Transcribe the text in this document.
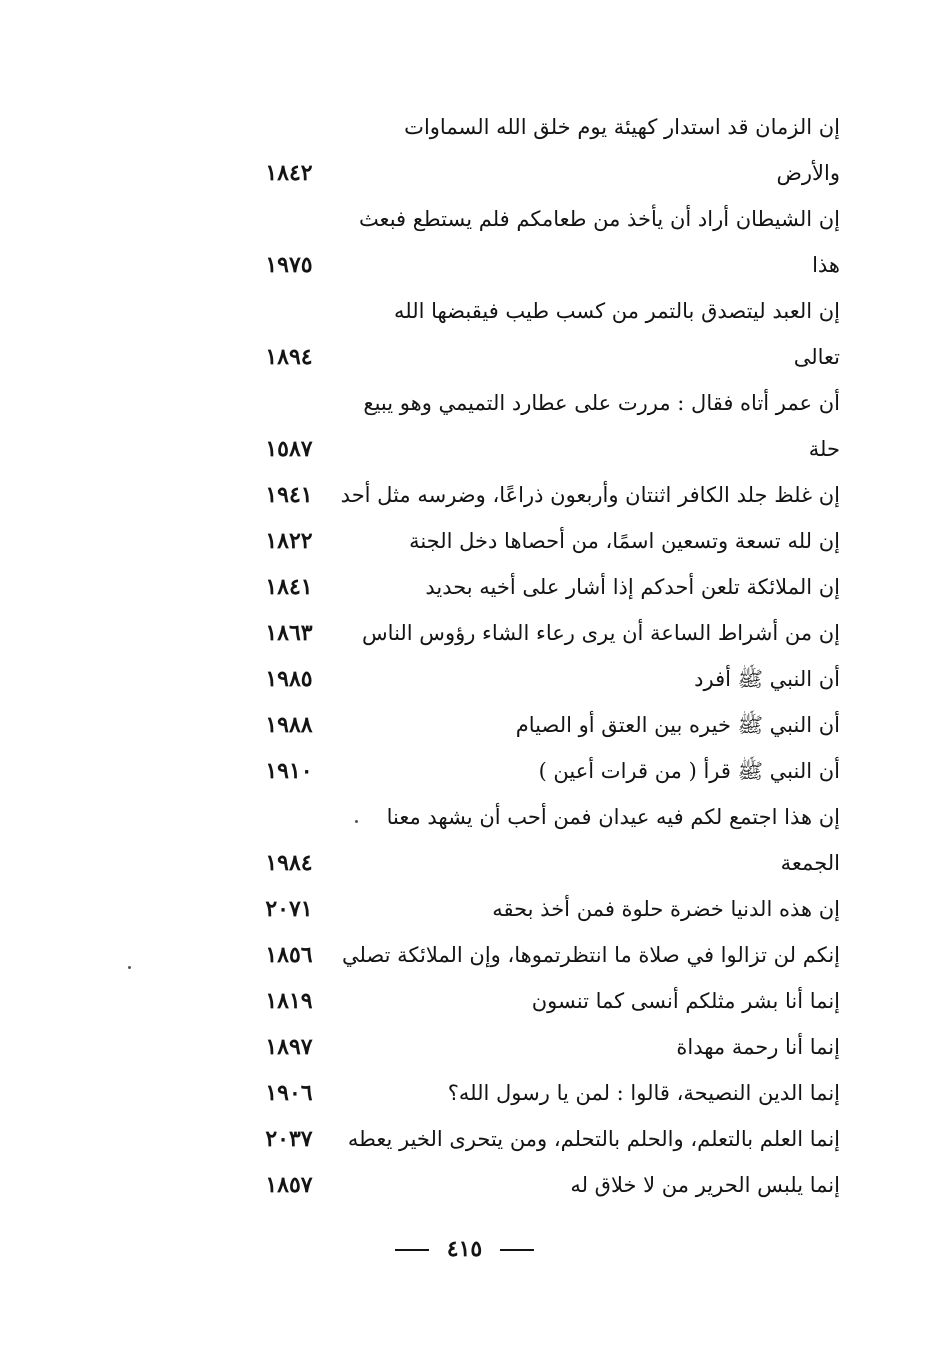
إن الزمان قد استدار كهيئة يوم خلق الله السماوات
والأرض
١٨٤٢
إن الشيطان أراد أن يأخذ من طعامكم فلم يستطع فبعث
هذا
١٩٧٥
إن العبد ليتصدق بالتمر من كسب طيب فيقبضها الله
تعالى
١٨٩٤
أن عمر أتاه فقال : مررت على عطارد التميمي وهو يبيع
حلة
١٥٨٧
إن غلظ جلد الكافر اثنتان وأربعون ذراعًا، وضرسه مثل أحد
١٩٤١
إن لله تسعة وتسعين اسمًا، من أحصاها دخل الجنة
١٨٢٢
إن الملائكة تلعن أحدكم إذا أشار على أخيه بحديد
١٨٤١
إن من أشراط الساعة أن يرى رعاء الشاء رؤوس الناس
١٨٦٣
أن النبي ﷺ أفرد
١٩٨٥
أن النبي ﷺ خيره بين العتق أو الصيام
١٩٨٨
أن النبي ﷺ قرأ ( من قرات أعين )
١٩١٠
إن هذا اجتمع لكم فيه عيدان فمن أحب أن يشهد معنا
الجمعة
١٩٨٤
إن هذه الدنيا خضرة حلوة فمن أخذ بحقه
٢٠٧١
إنكم لن تزالوا في صلاة ما انتظرتموها، وإن الملائكة تصلي
١٨٥٦
إنما أنا بشر مثلكم أنسى كما تنسون
١٨١٩
إنما أنا رحمة مهداة
١٨٩٧
إنما الدين النصيحة، قالوا : لمن يا رسول الله؟
١٩٠٦
إنما العلم بالتعلم، والحلم بالتحلم، ومن يتحرى الخير يعطه
٢٠٣٧
إنما يلبس الحرير من لا خلاق له
١٨٥٧
٤١٥
